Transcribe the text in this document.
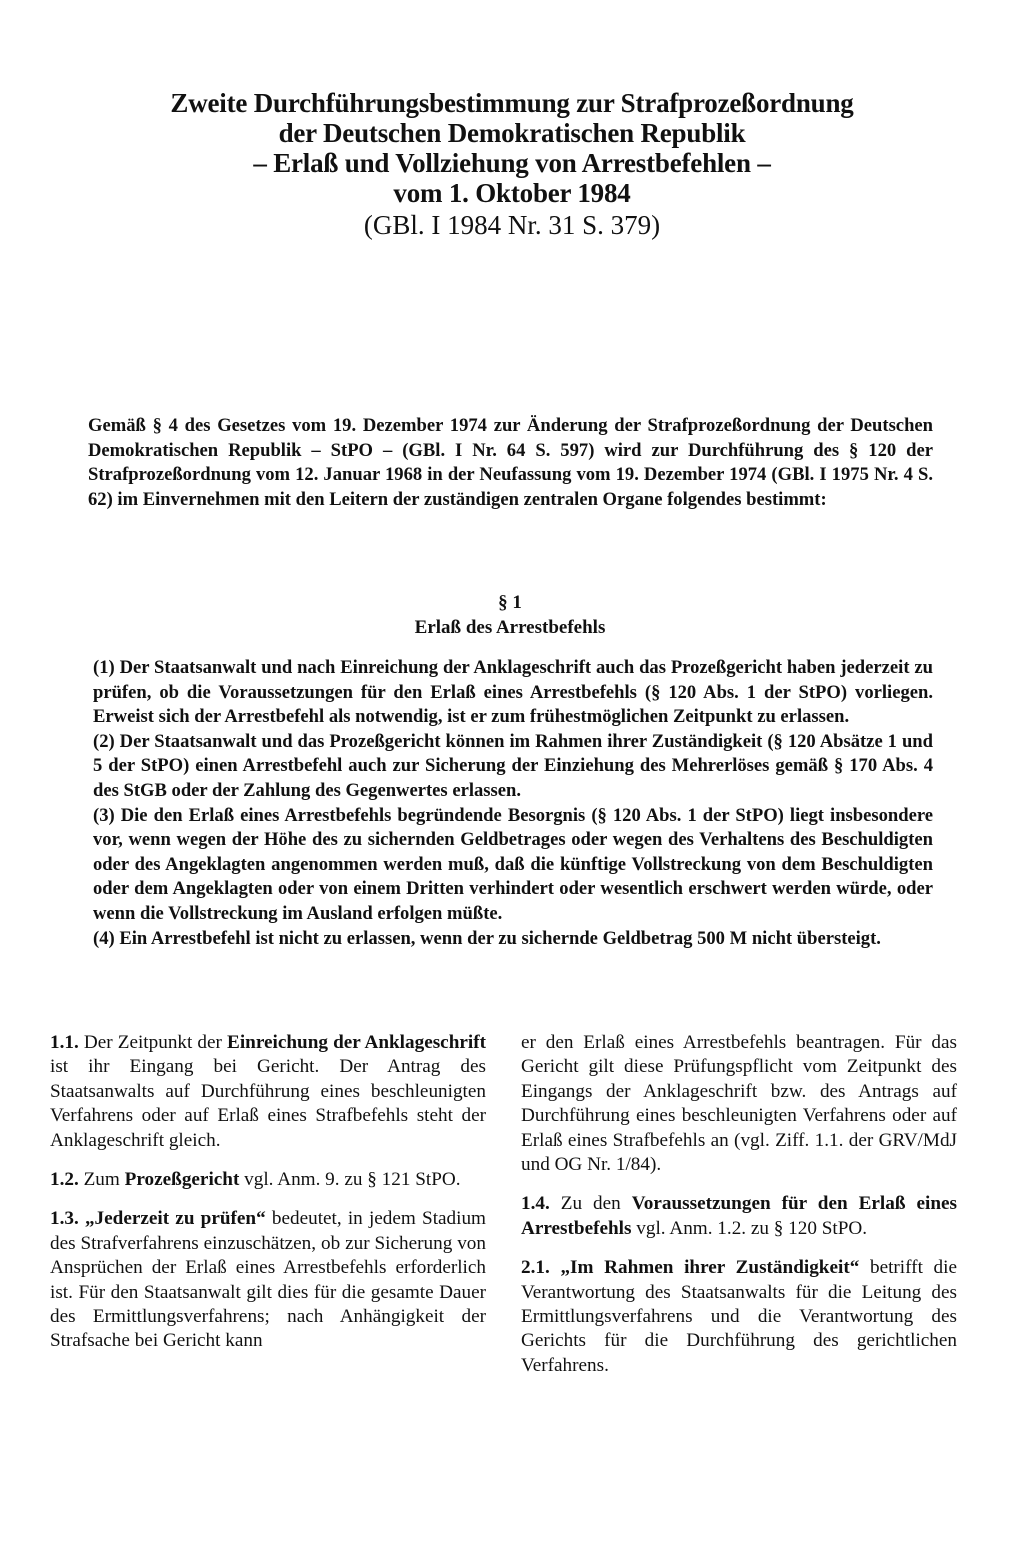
Zweite Durchführungsbestimmung zur Strafprozeßordnung
der Deutschen Demokratischen Republik
– Erlaß und Vollziehung von Arrestbefehlen –
vom 1. Oktober 1984
(GBl. I 1984 Nr. 31 S. 379)
Gemäß § 4 des Gesetzes vom 19. Dezember 1974 zur Änderung der Strafprozeßordnung der Deutschen Demokratischen Republik – StPO – (GBl. I Nr. 64 S. 597) wird zur Durchführung des § 120 der Strafprozeßordnung vom 12. Januar 1968 in der Neufassung vom 19. Dezember 1974 (GBl. I 1975 Nr. 4 S. 62) im Einvernehmen mit den Leitern der zuständigen zentralen Organe folgendes bestimmt:
§ 1
Erlaß des Arrestbefehls

(1) Der Staatsanwalt und nach Einreichung der Anklageschrift auch das Prozeßgericht haben jederzeit zu prüfen, ob die Voraussetzungen für den Erlaß eines Arrestbefehls (§ 120 Abs. 1 der StPO) vorliegen. Erweist sich der Arrestbefehl als notwendig, ist er zum frühestmöglichen Zeitpunkt zu erlassen.

(2) Der Staatsanwalt und das Prozeßgericht können im Rahmen ihrer Zuständigkeit (§ 120 Absätze 1 und 5 der StPO) einen Arrestbefehl auch zur Sicherung der Einziehung des Mehrerlöses gemäß § 170 Abs. 4 des StGB oder der Zahlung des Gegenwertes erlassen.

(3) Die den Erlaß eines Arrestbefehls begründende Besorgnis (§ 120 Abs. 1 der StPO) liegt insbesondere vor, wenn wegen der Höhe des zu sichernden Geldbetrages oder wegen des Verhaltens des Beschuldigten oder des Angeklagten angenommen werden muß, daß die künftige Vollstreckung von dem Beschuldigten oder dem Angeklagten oder von einem Dritten verhindert oder wesentlich erschwert werden würde, oder wenn die Vollstreckung im Ausland erfolgen müßte.

(4) Ein Arrestbefehl ist nicht zu erlassen, wenn der zu sichernde Geldbetrag 500 M nicht übersteigt.

1.1. Der Zeitpunkt der Einreichung der Anklageschrift ist ihr Eingang bei Gericht. Der Antrag des Staatsanwalts auf Durchführung eines beschleunigten Verfahrens oder auf Erlaß eines Strafbefehls steht der Anklageschrift gleich.

1.2. Zum Prozeßgericht vgl. Anm. 9. zu § 121 StPO.

1.3. „Jederzeit zu prüfen“ bedeutet, in jedem Stadium des Strafverfahrens einzuschätzen, ob zur Sicherung von Ansprüchen der Erlaß eines Arrestbefehls erforderlich ist. Für den Staatsanwalt gilt dies für die gesamte Dauer des Ermittlungsverfahrens; nach Anhängigkeit der Strafsache bei Gericht kann

er den Erlaß eines Arrestbefehls beantragen. Für das Gericht gilt diese Prüfungspflicht vom Zeitpunkt des Eingangs der Anklageschrift bzw. des Antrags auf Durchführung eines beschleunigten Verfahrens oder auf Erlaß eines Strafbefehls an (vgl. Ziff. 1.1. der GRV/MdJ und OG Nr. 1/84).

1.4. Zu den Voraussetzungen für den Erlaß eines Arrestbefehls vgl. Anm. 1.2. zu § 120 StPO.

2.1. „Im Rahmen ihrer Zuständigkeit“ betrifft die Verantwortung des Staatsanwalts für die Leitung des Ermittlungsverfahrens und die Verantwortung des Gerichts für die Durchführung des gerichtlichen Verfahrens.
